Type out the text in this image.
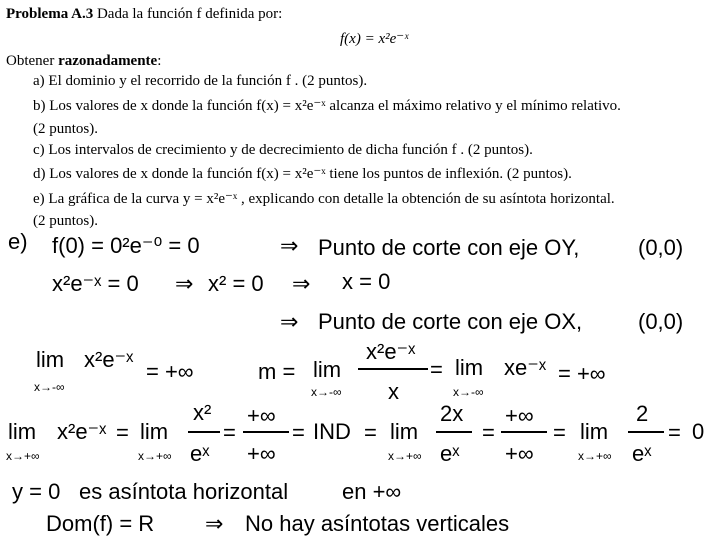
Problema A.3 Dada la función f definida por:
f(x) = x²e⁻ˣ
Obtener razonadamente:
a) El dominio y el recorrido de la función f . (2 puntos).
b) Los valores de x donde la función f(x) = x²e⁻ˣ alcanza el máximo relativo y el mínimo relativo.
(2 puntos).
c) Los intervalos de crecimiento y de decrecimiento de dicha función f . (2 puntos).
d) Los valores de x donde la función f(x) = x²e⁻ˣ tiene los puntos de inflexión. (2 puntos).
e) La gráfica de la curva y = x²e⁻ˣ , explicando con detalle la obtención de su asíntota horizontal.
(2 puntos).
e) f(0) = 0²e⁻⁰ = 0	⇒ Punto de corte con eje OY,	(0,0)
x²e⁻ˣ = 0 ⇒ x² = 0 ⇒ x = 0
⇒ Punto de corte con eje OX,	(0,0)
lim
x→-∞
x²e⁻ˣ = +∞	m = lim
x→-∞
x²e⁻ˣ
x
= lim
x→-∞
xe⁻ˣ = +∞
lim
x→+∞
x²e⁻ˣ = lim
x→+∞
x²
eˣ
=
+∞
+∞
= IND = lim
x→+∞
2x
eˣ
=
+∞
+∞
= lim
x→+∞
2
eˣ
= 0
y = 0 es asíntota horizontal en +∞
Dom(f) = R ⇒ No hay asíntotas verticales
